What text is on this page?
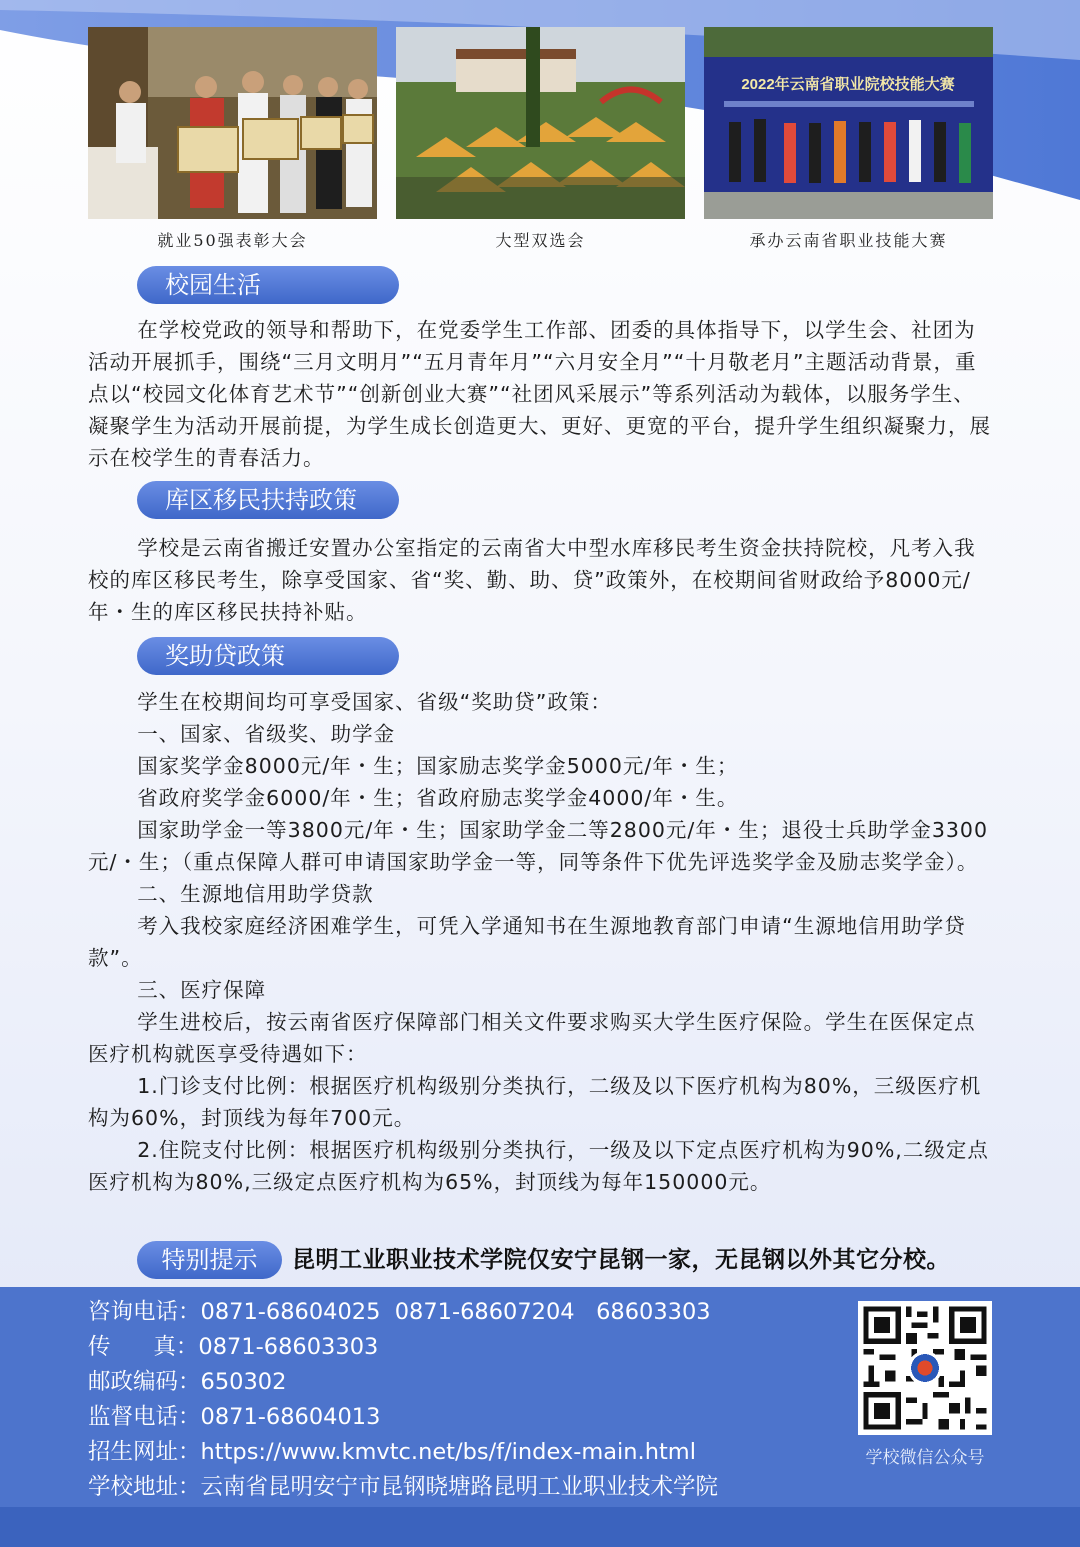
就业50强表彰大会	大型双选会
2022年云南省职业院校技能大赛
承办云南省职业技能大赛
校园生活

在学校党政的领导和帮助下，在党委学生工作部、团委的具体指导下，以学生会、社团为活动开展抓手，围绕“三月文明月”“五月青年月”“六月安全月”“十月敬老月”主题活动背景，重点以“校园文化体育艺术节”“创新创业大赛”“社团风采展示”等系列活动为载体，以服务学生、凝聚学生为活动开展前提，为学生成长创造更大、更好、更宽的平台，提升学生组织凝聚力，展示在校学生的青春活力。

库区移民扶持政策

学校是云南省搬迁安置办公室指定的云南省大中型水库移民考生资金扶持院校，凡考入我校的库区移民考生，除享受国家、省“奖、勤、助、贷”政策外，在校期间省财政给予8000元/年・生的库区移民扶持补贴。

奖助贷政策

学生在校期间均可享受国家、省级“奖助贷”政策：

一、国家、省级奖、助学金

国家奖学金8000元/年・生；国家励志奖学金5000元/年・生；

省政府奖学金6000/年・生；省政府励志奖学金4000/年・生。

国家助学金一等3800元/年・生；国家助学金二等2800元/年・生；退役士兵助学金3300元/・生；（重点保障人群可申请国家助学金一等，同等条件下优先评选奖学金及励志奖学金）。

二、生源地信用助学贷款

考入我校家庭经济困难学生，可凭入学通知书在生源地教育部门申请“生源地信用助学贷款”。

三、医疗保障

学生进校后，按云南省医疗保障部门相关文件要求购买大学生医疗保险。学生在医保定点医疗机构就医享受待遇如下：

1.门诊支付比例：根据医疗机构级别分类执行，二级及以下医疗机构为80%，三级医疗机构为60%，封顶线为每年700元。

2.住院支付比例：根据医疗机构级别分类执行，一级及以下定点医疗机构为90%,二级定点医疗机构为80%,三级定点医疗机构为65%，封顶线为每年150000元。

特别提示	昆明工业职业技术学院仅安宁昆钢一家，无昆钢以外其它分校。
咨询电话：0871-68604025  0871-68607204   68603303
传      真：0871-68603303
邮政编码：650302
监督电话：0871-68604013
招生网址：https://www.kmvtc.net/bs/f/index-main.html
学校地址：云南省昆明安宁市昆钢晓塘路昆明工业职业技术学院
学校微信公众号
